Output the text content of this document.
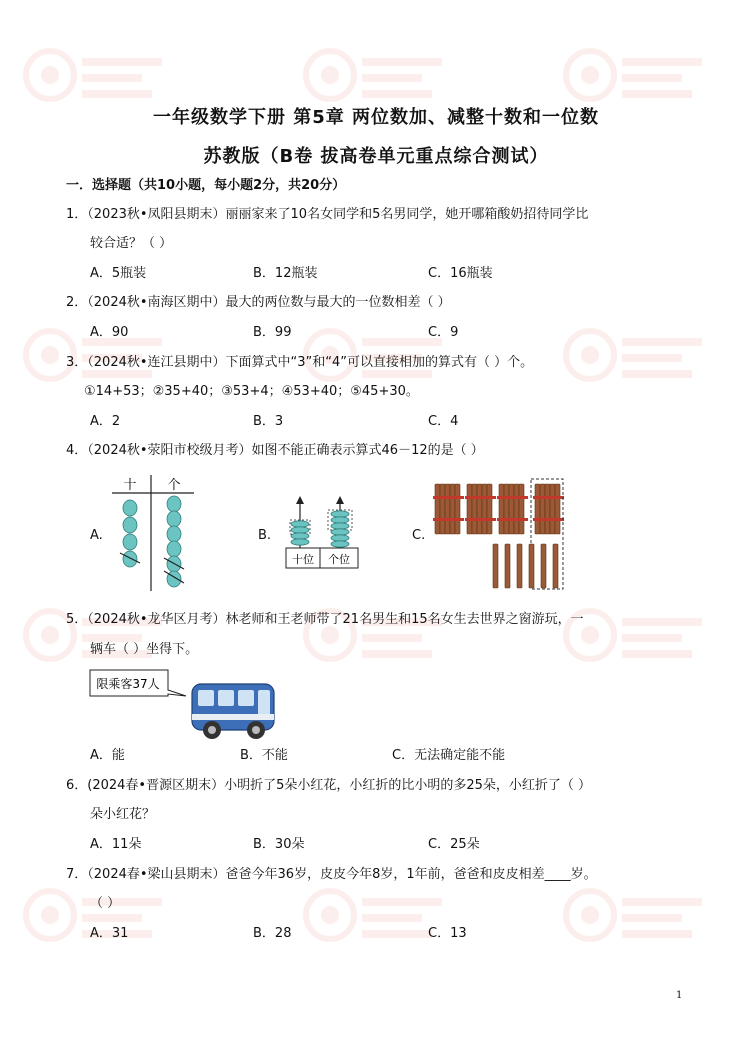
一年级数学下册 第5章 两位数加、减整十数和一位数
苏教版（B卷 拔高卷单元重点综合测试）
一．选择题（共10小题，每小题2分，共20分）
1．（2023秋•凤阳县期末）丽丽家来了10名女同学和5名男同学，她开哪箱酸奶招待同学比
较合适？（ ）
A．5瓶装	B．12瓶装	C．16瓶装
2．（2024秋•南海区期中）最大的两位数与最大的一位数相差（ ）
A．90	B．99	C．9
3．（2024秋•连江县期中）下面算式中“3”和“4”可以直接相加的算式有（ ）个。
①14+53；②35+40；③53+4；④53+40；⑤45+30。
A．2	B．3	C．4
4．（2024秋•荥阳市校级月考）如图不能正确表示算式46－12的是（ ）
A.
十 个
B.
十位 个位
C.
5．（2024秋•龙华区月考）林老师和王老师带了21名男生和15名女生去世界之窗游玩，一
辆车（ ）坐得下。
限乘客37人
A．能	B．不能	C．无法确定能不能
6．(2024春•晋源区期末）小明折了5朵小红花，小红折的比小明的多25朵，小红折了（ ）
朵小红花？
A．11朵	B．30朵	C．25朵
7．（2024春•梁山县期末）爸爸今年36岁，皮皮今年8岁，1年前，爸爸和皮皮相差____岁。
（ ）
A．31	B．28	C．13
1
